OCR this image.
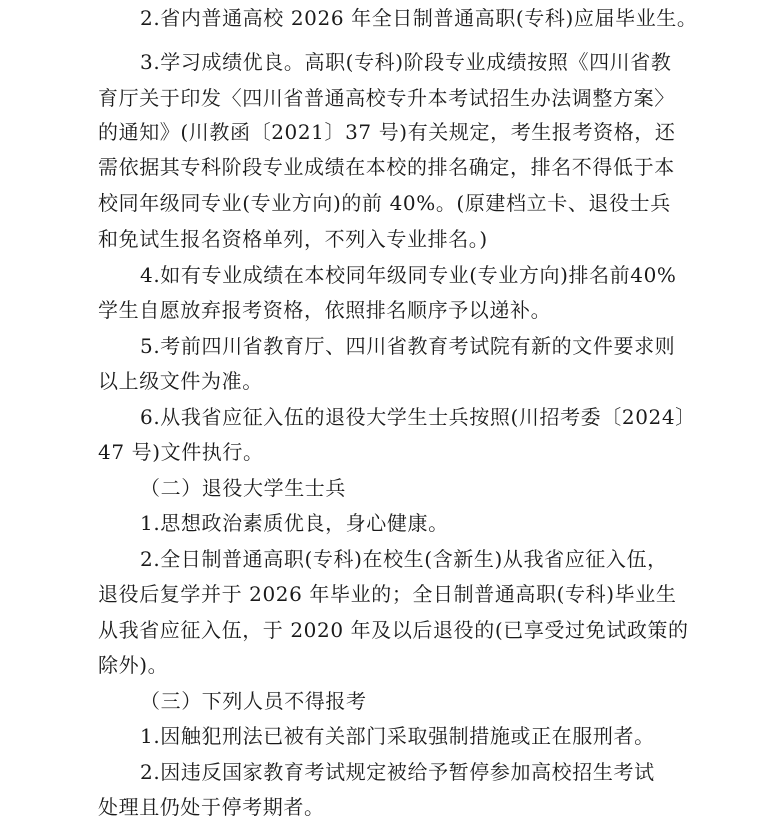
2.省内普通高校 2026 年全日制普通高职(专科)应届毕业生。
3.学习成绩优良。高职(专科)阶段专业成绩按照《四川省教
育厅关于印发〈四川省普通高校专升本考试招生办法调整方案〉
的通知》(川教函〔2021〕37 号)有关规定，考生报考资格，还
需依据其专科阶段专业成绩在本校的排名确定，排名不得低于本
校同年级同专业(专业方向)的前 40%。(原建档立卡、退役士兵
和免试生报名资格单列，不列入专业排名。)
4.如有专业成绩在本校同年级同专业(专业方向)排名前40%
学生自愿放弃报考资格，依照排名顺序予以递补。
5.考前四川省教育厅、四川省教育考试院有新的文件要求则
以上级文件为准。
6.从我省应征入伍的退役大学生士兵按照(川招考委〔2024〕
47 号)文件执行。
（二）退役大学生士兵
1.思想政治素质优良，身心健康。
2.全日制普通高职(专科)在校生(含新生)从我省应征入伍，
退役后复学并于 2026 年毕业的；全日制普通高职(专科)毕业生
从我省应征入伍，于 2020 年及以后退役的(已享受过免试政策的
除外)。
（三）下列人员不得报考
1.因触犯刑法已被有关部门采取强制措施或正在服刑者。
2.因违反国家教育考试规定被给予暂停参加高校招生考试
处理且仍处于停考期者。
